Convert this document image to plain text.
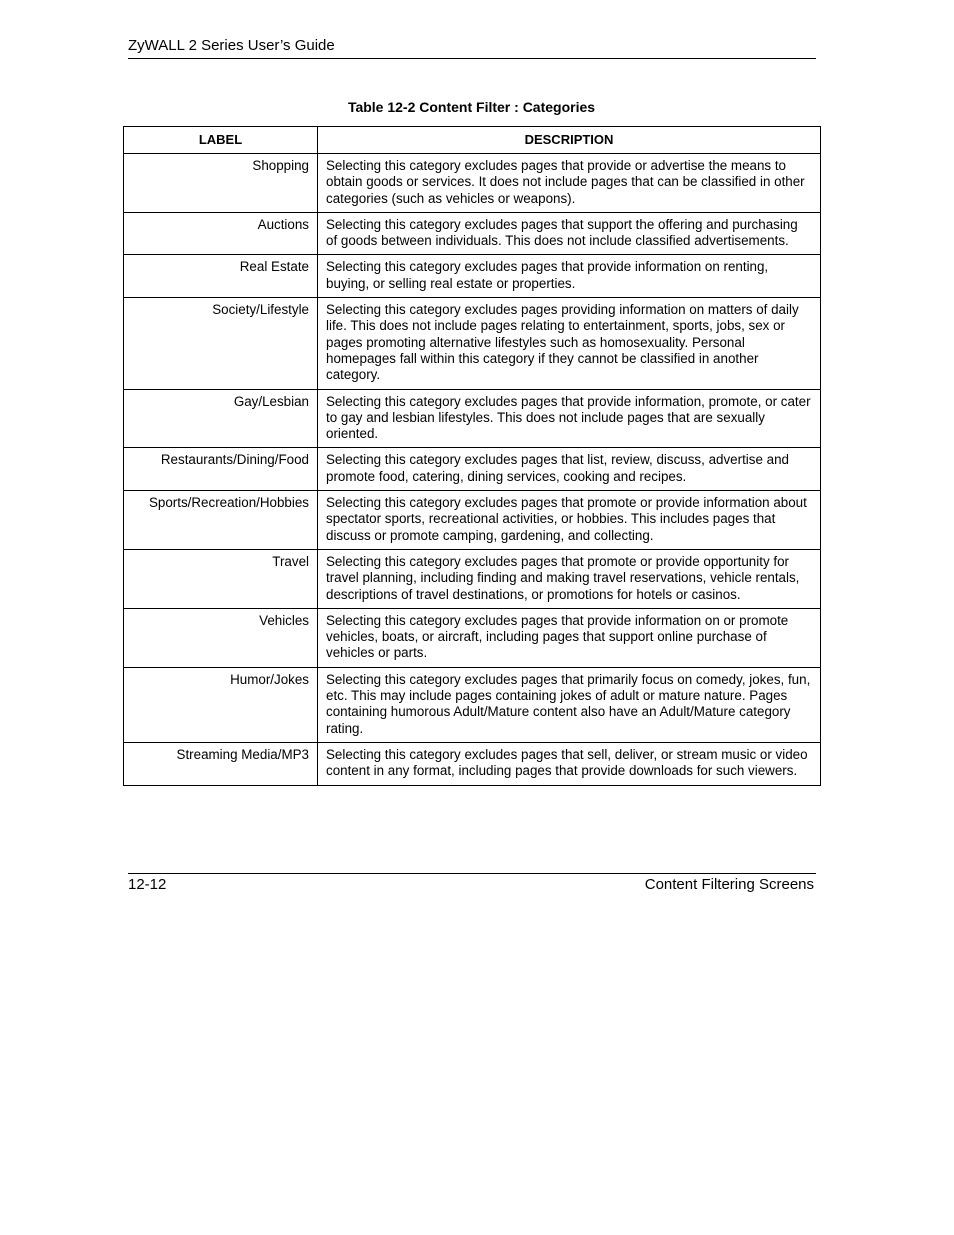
ZyWALL 2 Series User’s Guide
Table 12-2 Content Filter : Categories
LABEL	DESCRIPTION
Shopping	Selecting this category excludes pages that provide or advertise the means to obtain goods or services. It does not include pages that can be classified in other categories (such as vehicles or weapons).
Auctions	Selecting this category excludes pages that support the offering and purchasing of goods between individuals. This does not include classified advertisements.
Real Estate	Selecting this category excludes pages that provide information on renting, buying, or selling real estate or properties.
Society/Lifestyle	Selecting this category excludes pages providing information on matters of daily life. This does not include pages relating to entertainment, sports, jobs, sex or pages promoting alternative lifestyles such as homosexuality. Personal homepages fall within this category if they cannot be classified in another category.
Gay/Lesbian	Selecting this category excludes pages that provide information, promote, or cater to gay and lesbian lifestyles. This does not include pages that are sexually oriented.
Restaurants/Dining/Food	Selecting this category excludes pages that list, review, discuss, advertise and promote food, catering, dining services, cooking and recipes.
Sports/Recreation/Hobbies	Selecting this category excludes pages that promote or provide information about spectator sports, recreational activities, or hobbies. This includes pages that discuss or promote camping, gardening, and collecting.
Travel	Selecting this category excludes pages that promote or provide opportunity for travel planning, including finding and making travel reservations, vehicle rentals, descriptions of travel destinations, or promotions for hotels or casinos.
Vehicles	Selecting this category excludes pages that provide information on or promote vehicles, boats, or aircraft, including pages that support online purchase of vehicles or parts.
Humor/Jokes	Selecting this category excludes pages that primarily focus on comedy, jokes, fun, etc. This may include pages containing jokes of adult or mature nature. Pages containing humorous Adult/Mature content also have an Adult/Mature category rating.
Streaming Media/MP3	Selecting this category excludes pages that sell, deliver, or stream music or video content in any format, including pages that provide downloads for such viewers.
12-12	Content Filtering Screens
